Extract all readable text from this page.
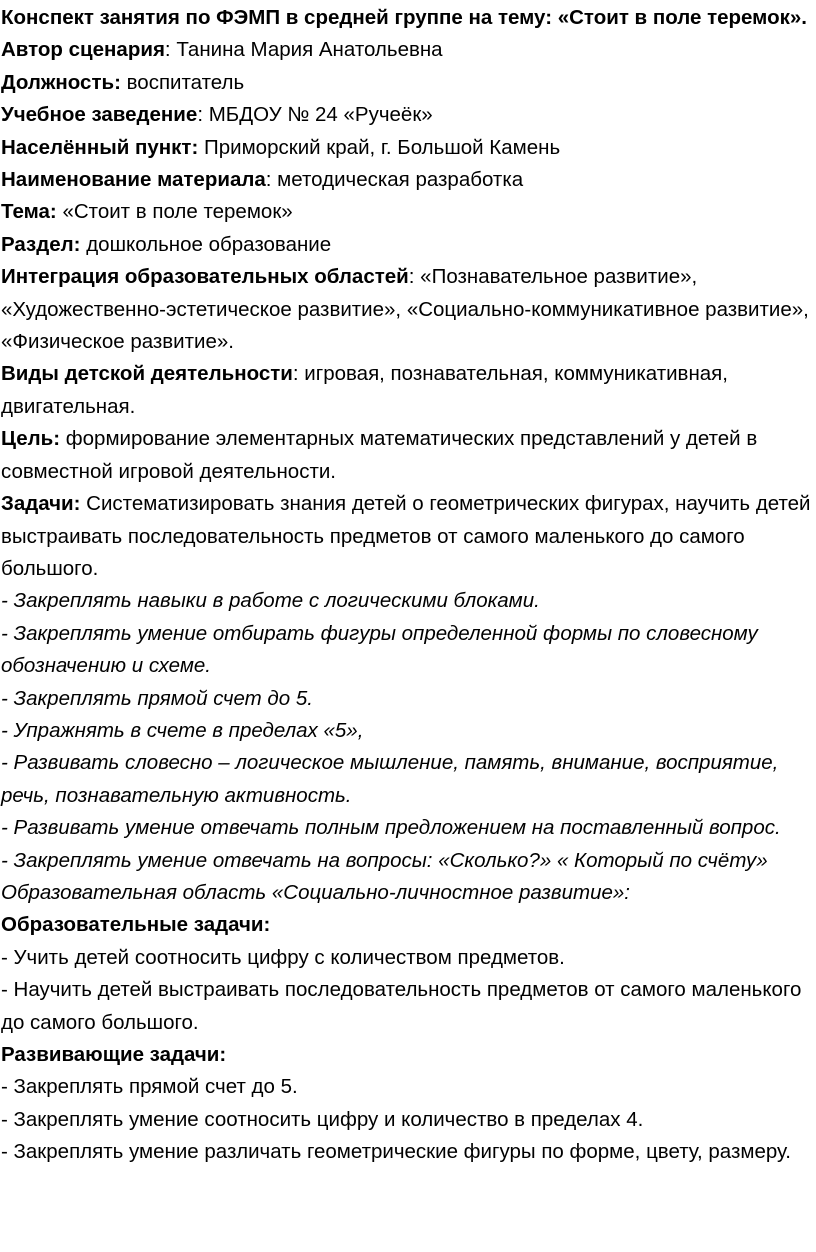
Конспект занятия по ФЭМП в средней группе на тему: «Стоит в поле теремок».

Автор сценария: Танина Мария Анатольевна

Должность: воспитатель

Учебное заведение: МБДОУ № 24 «Ручеёк»

Населённый пункт: Приморский край, г. Большой Камень

Наименование материала: методическая разработка

Тема: «Стоит в поле теремок»

Раздел: дошкольное образование

Интеграция образовательных областей: «Познавательное развитие», «Художественно-эстетическое развитие», «Социально-коммуникативное развитие», «Физическое развитие».

Виды детской деятельности: игровая, познавательная, коммуникативная, двигательная.

Цель: формирование элементарных математических представлений у детей в совместной игровой деятельности.

Задачи: Систематизировать знания детей о геометрических фигурах, научить детей выстраивать последовательность предметов от самого маленького до самого большого.

- Закреплять навыки в работе с логическими блоками.

- Закреплять умение отбирать фигуры определенной формы по словесному обозначению и схеме.

- Закреплять прямой счет до 5.

- Упражнять в счете в пределах «5»,

- Развивать словесно – логическое мышление, память, внимание, восприятие, речь, познавательную активность.

- Развивать умение отвечать полным предложением на поставленный вопрос.

- Закреплять умение отвечать на вопросы: «Сколько?» « Который по счёту»

Образовательная область «Социально-личностное развитие»:

Образовательные задачи:

- Учить детей соотносить цифру с количеством предметов.

- Научить детей выстраивать последовательность предметов от самого маленького до самого большого.

Развивающие задачи:

- Закреплять прямой счет до 5.

- Закреплять умение соотносить цифру и количество в пределах 4.

- Закреплять умение различать геометрические фигуры по форме, цвету, размеру.
